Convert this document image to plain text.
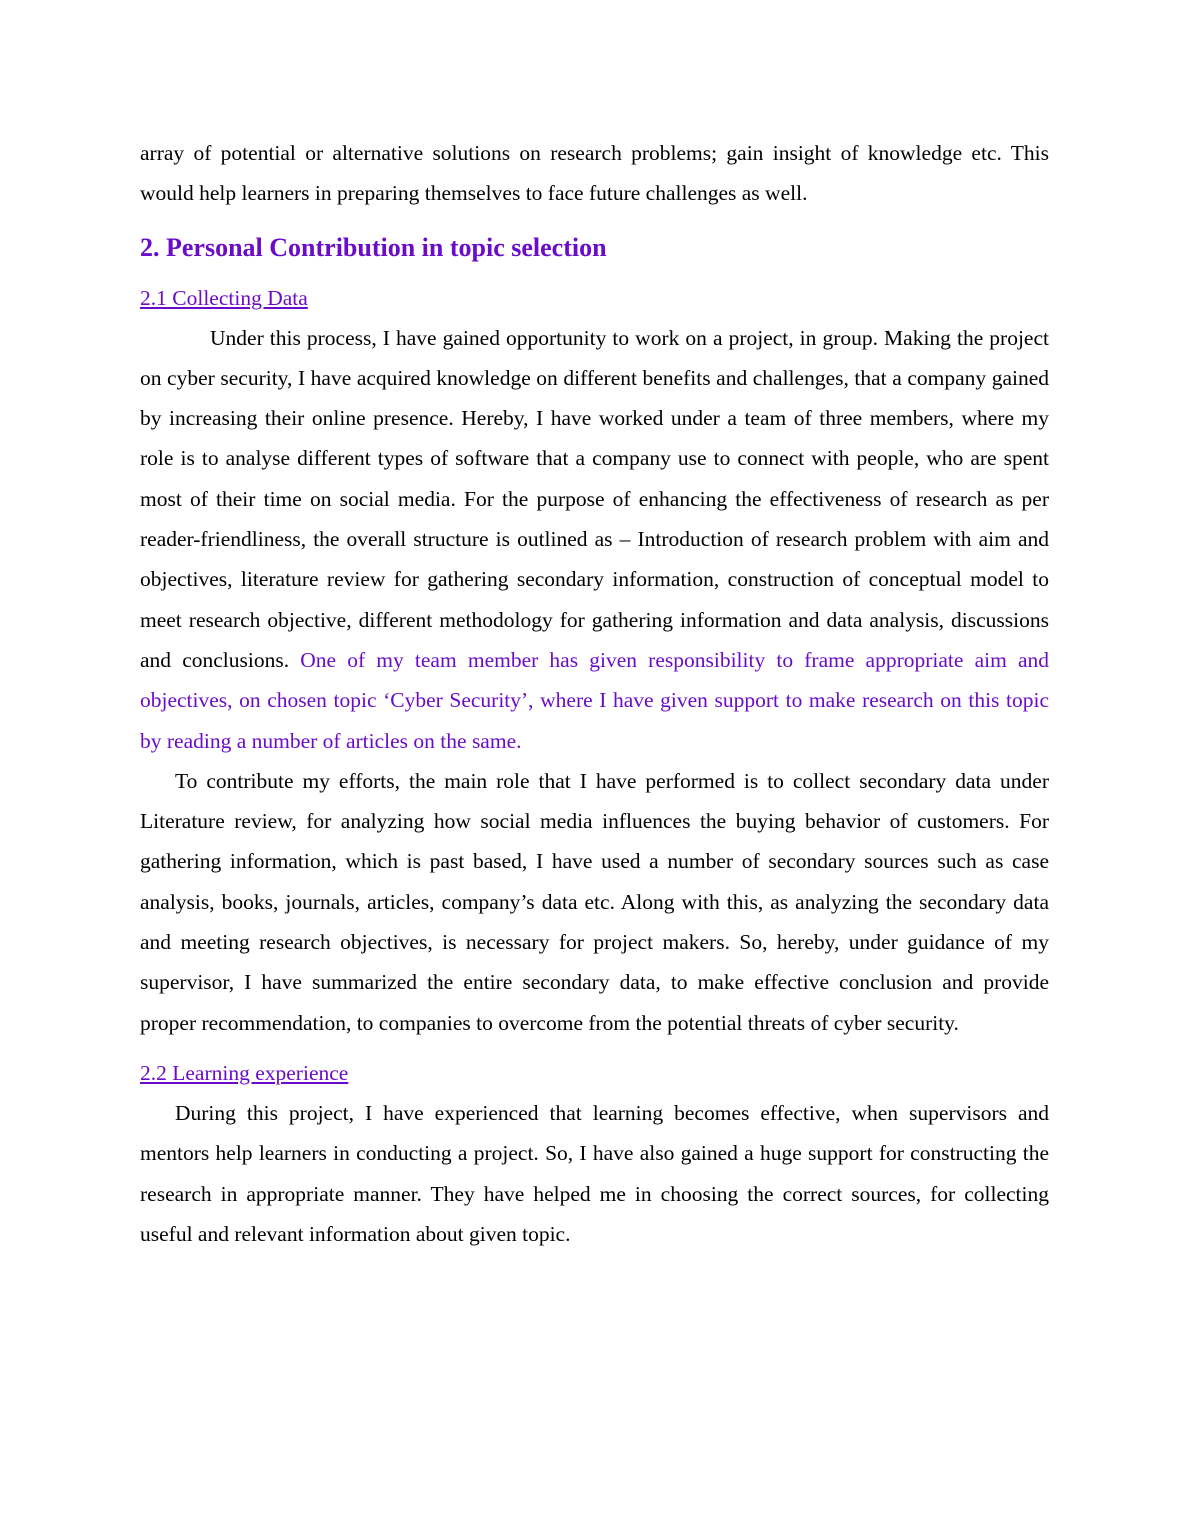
array of potential or alternative solutions on research problems; gain insight of knowledge etc. This would help learners in preparing themselves to face future challenges as well.

2. Personal Contribution in topic selection
2.1 Collecting Data

Under this process, I have gained opportunity to work on a project, in group. Making the project on cyber security, I have acquired knowledge on different benefits and challenges, that a company gained by increasing their online presence. Hereby, I have worked under a team of three members, where my role is to analyse different types of software that a company use to connect with people, who are spent most of their time on social media. For the purpose of enhancing the effectiveness of research as per reader-friendliness, the overall structure is outlined as – Introduction of research problem with aim and objectives, literature review for gathering secondary information, construction of conceptual model to meet research objective, different methodology for gathering information and data analysis, discussions and conclusions. One of my team member has given responsibility to frame appropriate aim and objectives, on chosen topic ‘Cyber Security’, where I have given support to make research on this topic by reading a number of articles on the same.

To contribute my efforts, the main role that I have performed is to collect secondary data under Literature review, for analyzing how social media influences the buying behavior of customers. For gathering information, which is past based, I have used a number of secondary sources such as case analysis, books, journals, articles, company’s data etc. Along with this, as analyzing the secondary data and meeting research objectives, is necessary for project makers. So, hereby, under guidance of my supervisor, I have summarized the entire secondary data, to make effective conclusion and provide proper recommendation, to companies to overcome from the potential threats of cyber security.

2.2 Learning experience

During this project, I have experienced that learning becomes effective, when supervisors and mentors help learners in conducting a project. So, I have also gained a huge support for constructing the research in appropriate manner. They have helped me in choosing the correct sources, for collecting useful and relevant information about given topic.
